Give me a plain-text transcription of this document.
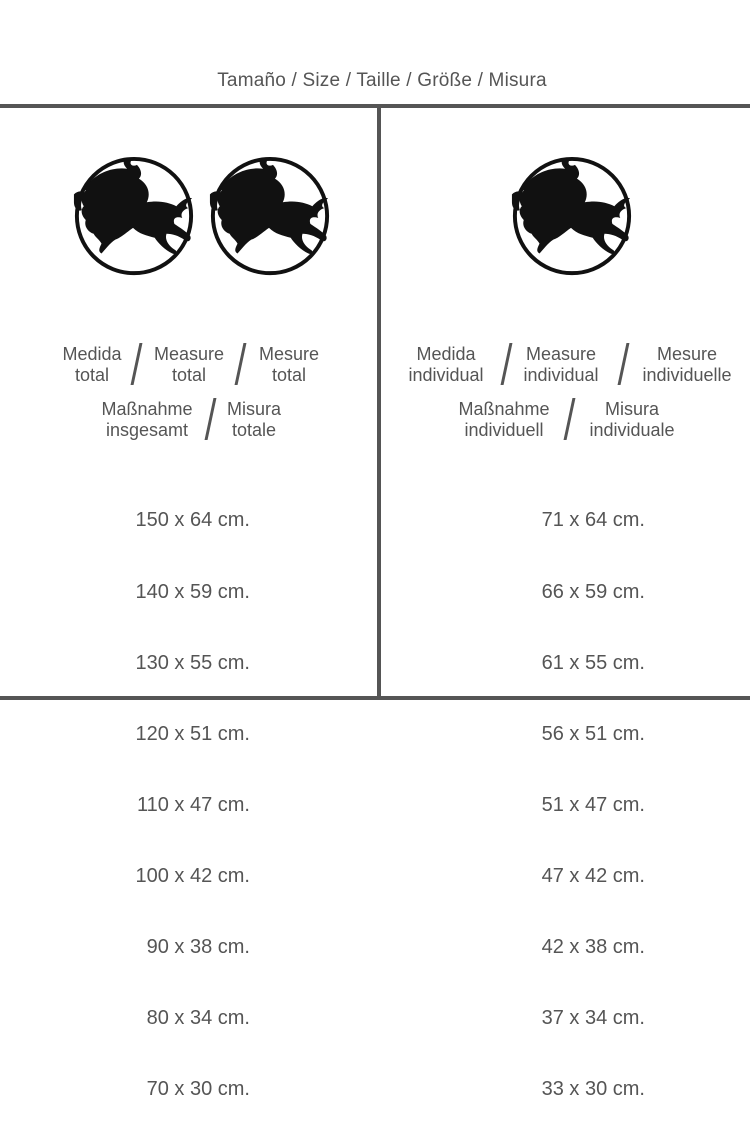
Tamaño / Size / Taille / Größe / Misura
Medida
total
Measure
total
Mesure
total
Maßnahme
insgesamt
Misura
totale
Medida
individual
Measure
individual
Mesure
individuelle
Maßnahme
individuell
Misura
individuale

150 x 64 cm.

140 x 59 cm.

130 x 55 cm.

120 x 51 cm.

110 x 47 cm.

100 x 42 cm.

90 x 38 cm.

80 x 34 cm.

70 x 30 cm.

71 x 64 cm.

66 x 59 cm.

61 x 55 cm.

56 x 51 cm.

51 x 47 cm.

47 x 42 cm.

42 x 38 cm.

37 x 34 cm.

33 x 30 cm.
